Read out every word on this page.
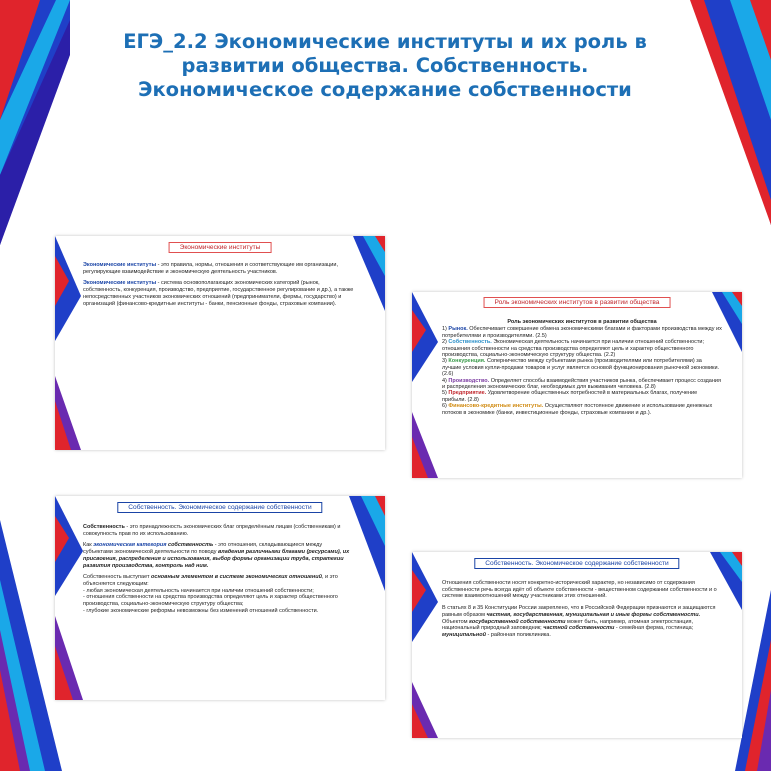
ЕГЭ_2.2 Экономические институты и их роль в развитии общества. Собственность. Экономическое содержание собственности
Экономические институты

Экономические институты - это правила, нормы, отношения и соответствующие им организации, регулирующие взаимодействие и экономическую деятельность участников.

Экономические институты - система основополагающих экономических категорий (рынок, собственность, конкуренция, производство, предприятие, государственное регулирование и др.), а также непосредственных участников экономических отношений (предприниматели, фермы, государство) и организаций (финансово-кредитные институты - банки, пенсионные фонды, страховые компании).	Роль экономических институтов в развитии общества
Роль экономических институтов в развитии общества
1) Рынок. Обеспечивает совершение обмена экономическими благами и факторами производства между их потребителями и производителями. (2.5)
2) Собственность. Экономическая деятельность начинается при наличии отношений собственности; отношения собственности на средства производства определяют цель и характер общественного производства, социально-экономическую структуру общества. (2.2)
3) Конкуренция. Соперничество между субъектами рынка (производителями или потребителями) за лучшие условия купли-продажи товаров и услуг является основой функционирования рыночной экономики. (2.6)
4) Производство. Определяет способы взаимодействия участников рынка, обеспечивает процесс создания и распределения экономических благ, необходимых для выживания человека. (2.8)
5) Предприятие. Удовлетворение общественных потребностей в материальных благах, получение прибыли. (2.8)
6) Финансово-кредитные институты. Осуществляют постоянное движение и использование денежных потоков в экономике (банки, инвестиционные фонды, страховые компании и др.).
Собственность. Экономическое содержание собственности

Собственность - это принадлежность экономических благ определённым лицам (собственникам) и совокупность прав по их использованию.

Как экономическая категория собственность - это отношения, складывающиеся между субъектами экономической деятельности по поводу владения различными благами (ресурсами), их присвоения, распределения и использования, выбор формы организации труда, стратегии развития производства, контроль над ним.

Собственность выступает основным элементом в системе экономических отношений, и это объясняется следующим:
- любая экономическая деятельность начинается при наличии отношений собственности;
- отношения собственности на средства производства определяют цель и характер общественного производства, социально-экономическую структуру общества;
- глубокие экономические реформы невозможны без изменений отношений собственности.

Собственность. Экономическое содержание собственности

Отношения собственности носят конкретно-исторический характер, но независимо от содержания собственности речь всегда идёт об объекте собственности - вещественном содержании собственности и о системе взаимоотношений между участниками этих отношений.

В статьях 8 и 35 Конституции России закреплено, что в Российской Федерации признаются и защищаются равным образом частная, государственная, муниципальная и иные формы собственности.

Объектом государственной собственности может быть, например, атомная электростанция, национальный природный заповедник; частной собственности - семейная ферма, гостиница; муниципальной - районная поликлиника.
